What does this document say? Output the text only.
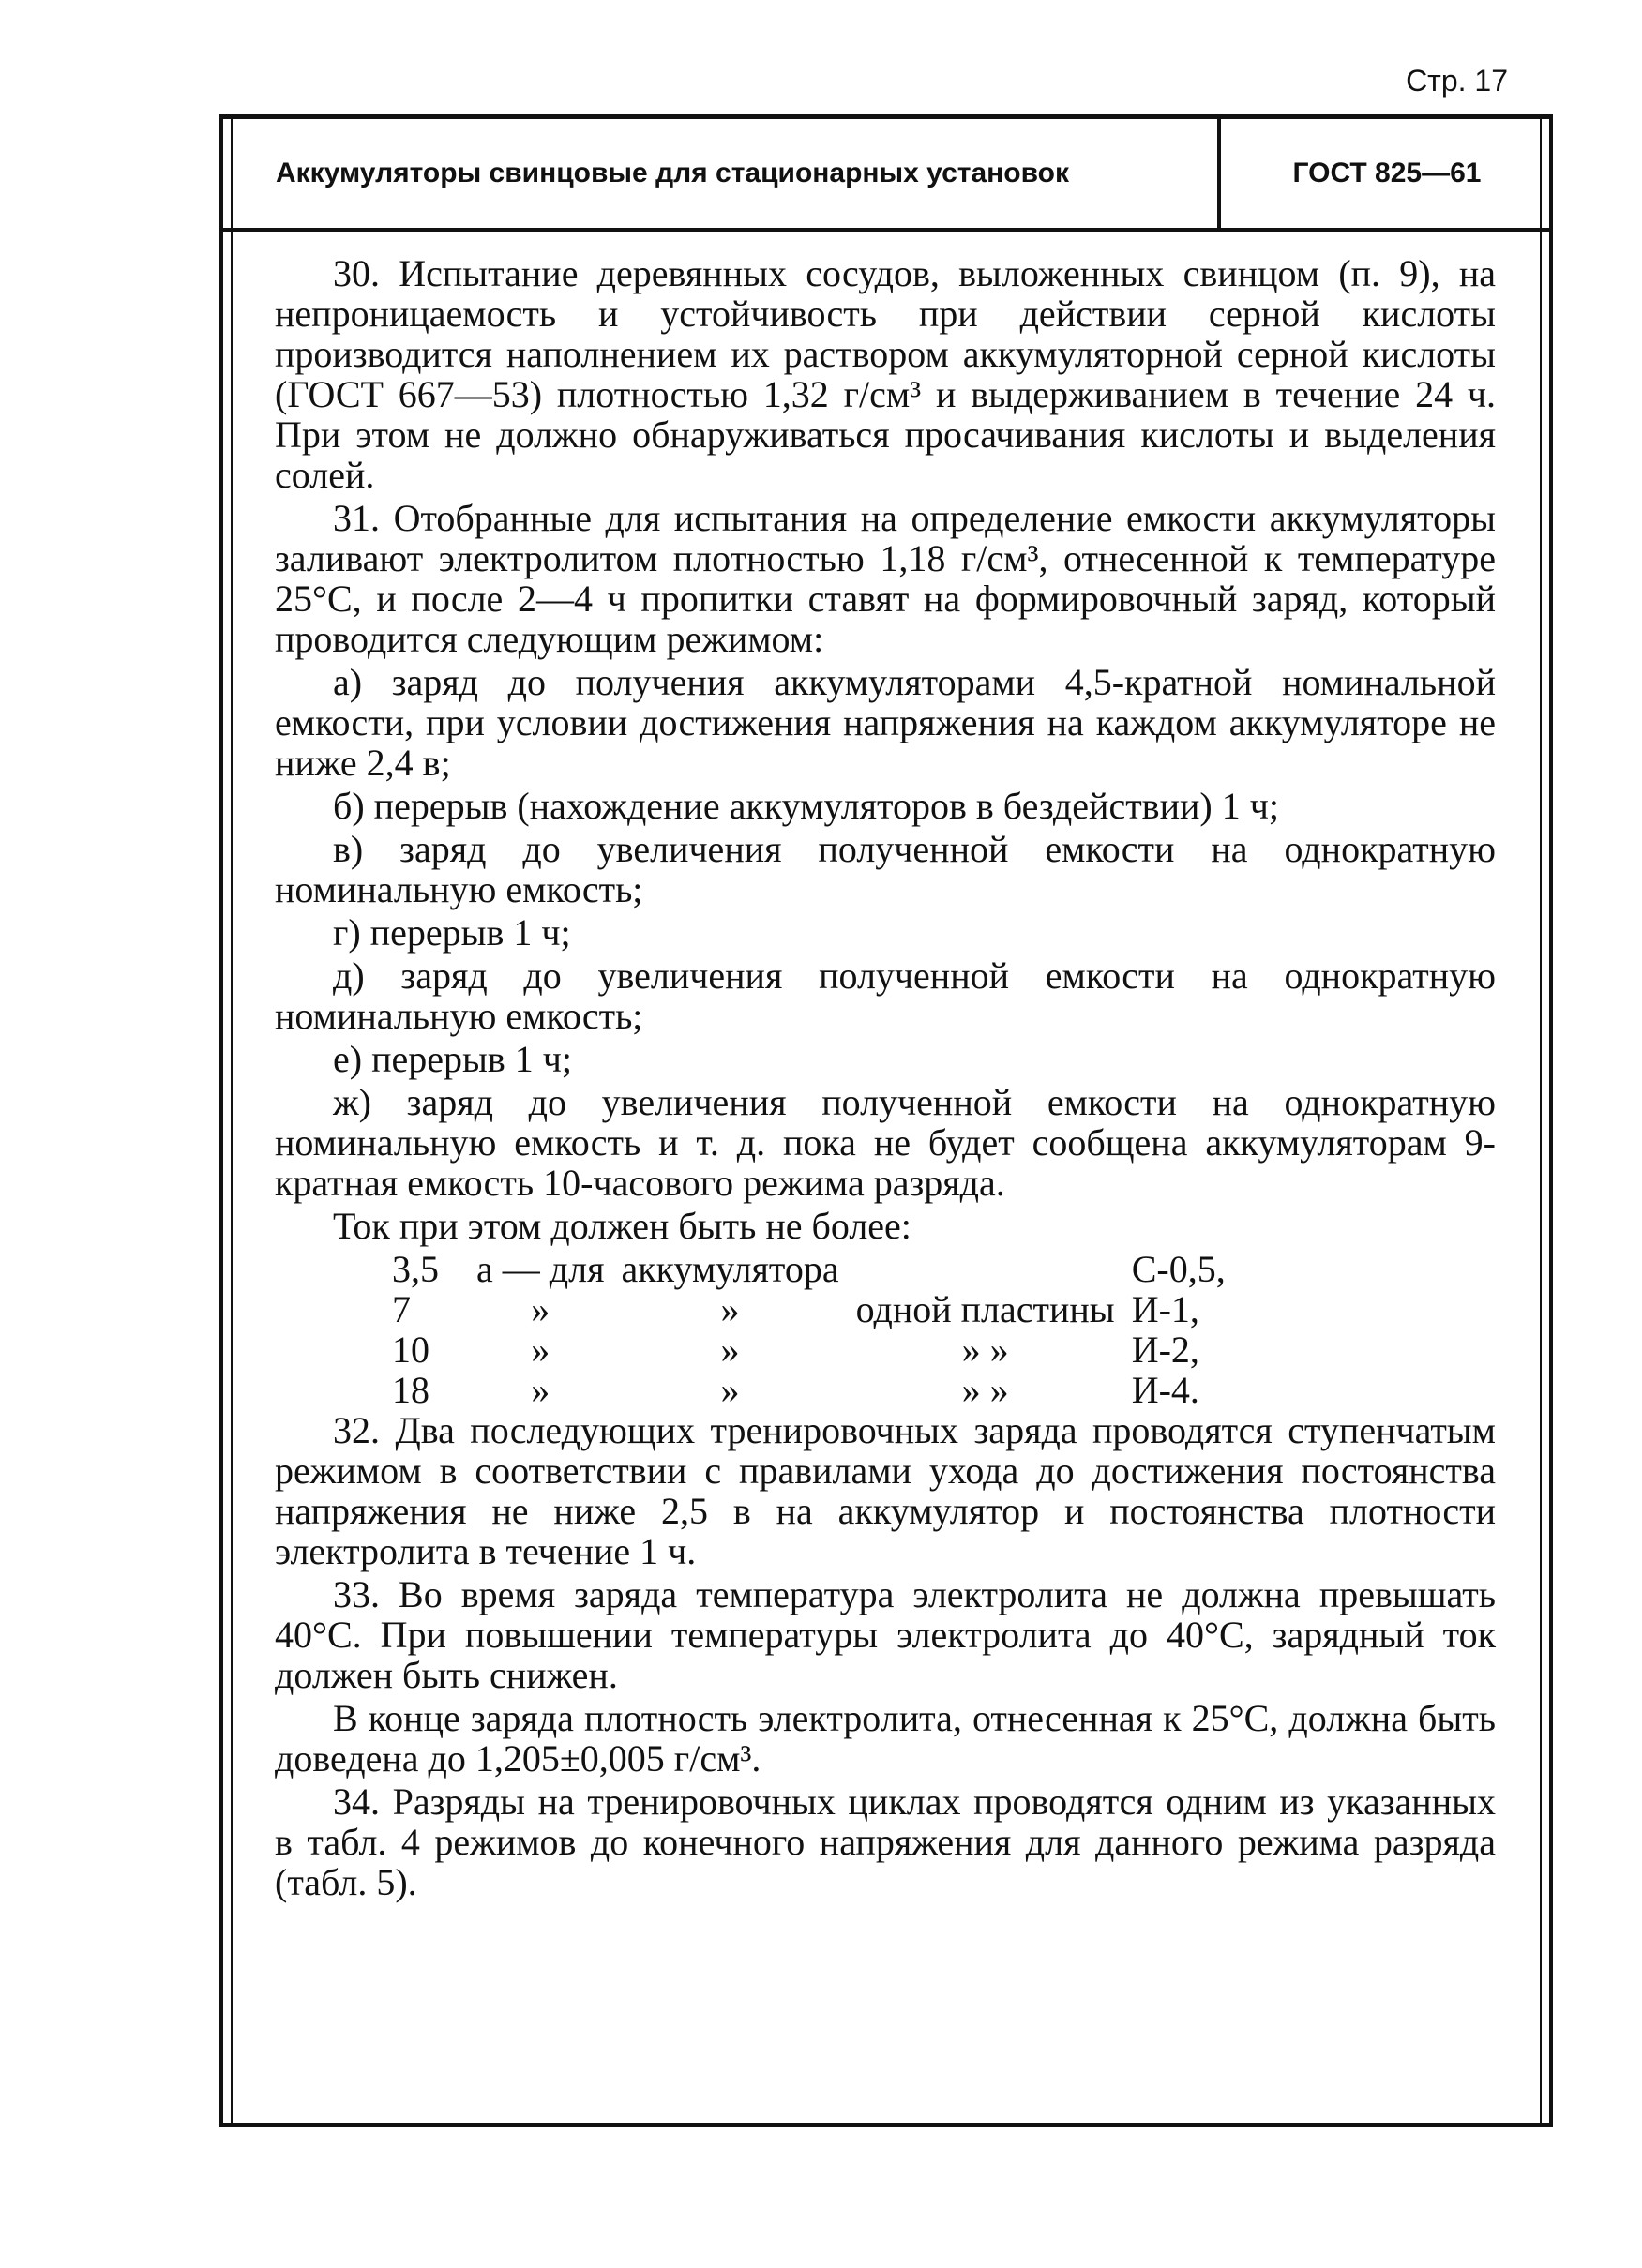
Стр. 17
Аккумуляторы свинцовые для стационарных установок	ГОСТ 825—61

30. Испытание деревянных сосудов, выложенных свинцом (п. 9), на непроницаемость и устойчивость при действии серной кислоты производится наполнением их раствором аккумуляторной серной кислоты (ГОСТ 667—53) плотностью 1,32 г/см³ и выдерживанием в течение 24 ч. При этом не должно обнаруживаться просачивания кислоты и выделения солей.

31. Отобранные для испытания на определение емкости аккумуляторы заливают электролитом плотностью 1,18 г/см³, отнесенной к температуре 25°С, и после 2—4 ч пропитки ставят на формировочный заряд, который проводится следующим режимом:

а) заряд до получения аккумуляторами 4,5-кратной номинальной емкости, при условии достижения напряжения на каждом аккумуляторе не ниже 2,4 в;

б) перерыв (нахождение аккумуляторов в бездействии) 1 ч;

в) заряд до увеличения полученной емкости на однократную номинальную емкость;

г) перерыв 1 ч;

д) заряд до увеличения полученной емкости на однократную номинальную емкость;

е) перерыв 1 ч;

ж) заряд до увеличения полученной емкости на однократную номинальную емкость и т. д. пока не будет сообщена аккумуляторам 9-кратная емкость 10-часового режима разряда.

Ток при этом должен быть не более:

3,5	а — для	аккумулятора		С-0,5,
7	»	»	одной пластины	И-1,
10	»	»	» »	И-2,
18	»	»	» »	И-4.

32. Два последующих тренировочных заряда проводятся ступенчатым режимом в соответствии с правилами ухода до достижения постоянства напряжения не ниже 2,5 в на аккумулятор и постоянства плотности электролита в течение 1 ч.

33. Во время заряда температура электролита не должна превышать 40°С. При повышении температуры электролита до 40°С, зарядный ток должен быть снижен.

В конце заряда плотность электролита, отнесенная к 25°С, должна быть доведена до 1,205±0,005 г/см³.

34. Разряды на тренировочных циклах проводятся одним из указанных в табл. 4 режимов до конечного напряжения для данного режима разряда (табл. 5).
